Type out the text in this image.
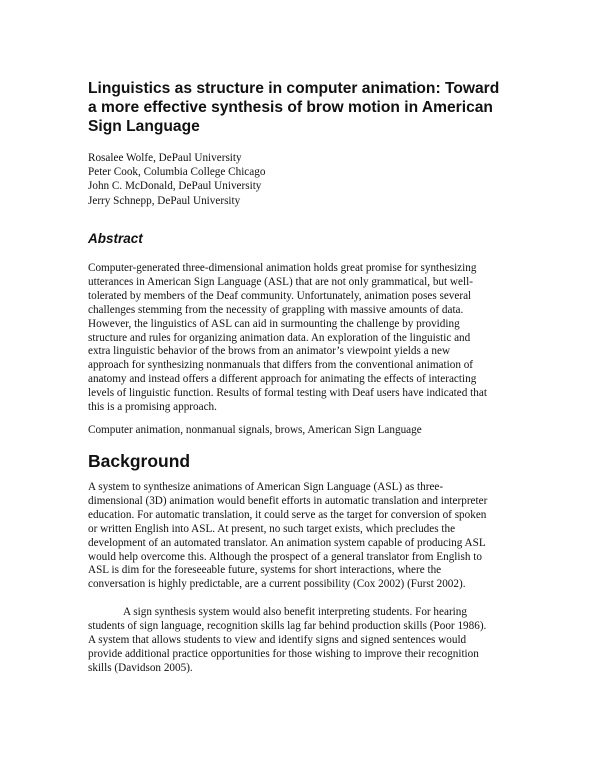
Linguistics as structure in computer animation: Toward
a more effective synthesis of brow motion in American
Sign Language
Rosalee Wolfe, DePaul University
Peter Cook, Columbia College Chicago
John C. McDonald, DePaul University
Jerry Schnepp, DePaul University
Abstract
Computer-generated three-dimensional animation holds great promise for synthesizing
utterances in American Sign Language (ASL) that are not only grammatical, but well-
tolerated by members of the Deaf community. Unfortunately, animation poses several
challenges stemming from the necessity of grappling with massive amounts of data.
However, the linguistics of ASL can aid in surmounting the challenge by providing
structure and rules for organizing animation data. An exploration of the linguistic and
extra linguistic behavior of the brows from an animator’s viewpoint yields a new
approach for synthesizing nonmanuals that differs from the conventional animation of
anatomy and instead offers a different approach for animating the effects of interacting
levels of linguistic function. Results of formal testing with Deaf users have indicated that
this is a promising approach.
Computer animation, nonmanual signals, brows, American Sign Language
Background
A system to synthesize animations of American Sign Language (ASL) as three-
dimensional (3D) animation would benefit efforts in automatic translation and interpreter
education. For automatic translation, it could serve as the target for conversion of spoken
or written English into ASL. At present, no such target exists, which precludes the
development of an automated translator. An animation system capable of producing ASL
would help overcome this. Although the prospect of a general translator from English to
ASL is dim for the foreseeable future, systems for short interactions, where the
conversation is highly predictable, are a current possibility (Cox 2002) (Furst 2002).
A sign synthesis system would also benefit interpreting students. For hearing
students of sign language, recognition skills lag far behind production skills (Poor 1986).
A system that allows students to view and identify signs and signed sentences would
provide additional practice opportunities for those wishing to improve their recognition
skills (Davidson 2005).
